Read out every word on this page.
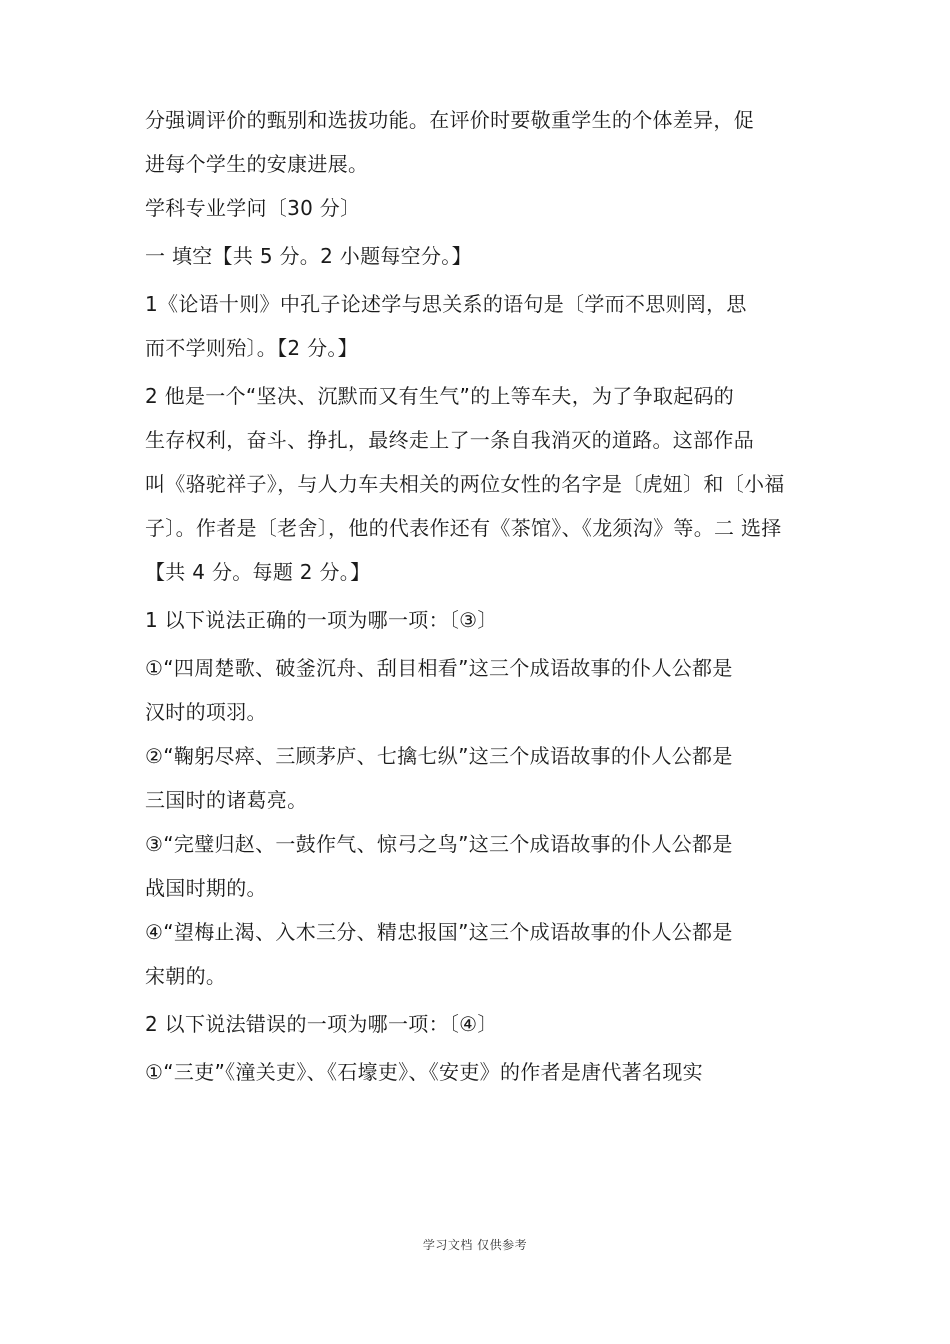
分强调评价的甄别和选拔功能。在评价时要敬重学生的个体差异，促
进每个学生的安康进展。
学科专业学问〔30 分〕
一 填空【共 5 分。2 小题每空分。】
1《论语十则》中孔子论述学与思关系的语句是〔学而不思则罔，思
而不学则殆〕。【2 分。】
2 他是一个“坚决、沉默而又有生气”的上等车夫，为了争取起码的
生存权利，奋斗、挣扎，最终走上了一条自我消灭的道路。这部作品
叫《骆驼祥子》，与人力车夫相关的两位女性的名字是〔虎妞〕和〔小福
子〕。作者是〔老舍〕，他的代表作还有《茶馆》、《龙须沟》等。二 选择
【共 4 分。每题 2 分。】
1 以下说法正确的一项为哪一项：〔③〕
①“四周楚歌、破釜沉舟、刮目相看”这三个成语故事的仆人公都是
汉时的项羽。
②“鞠躬尽瘁、三顾茅庐、七擒七纵”这三个成语故事的仆人公都是
三国时的诸葛亮。
③“完璧归赵、一鼓作气、惊弓之鸟”这三个成语故事的仆人公都是
战国时期的。
④“望梅止渴、入木三分、精忠报国”这三个成语故事的仆人公都是
宋朝的。
2 以下说法错误的一项为哪一项：〔④〕
①“三吏”《潼关吏》、《石壕吏》、《安吏》的作者是唐代著名现实
学习文档 仅供参考
